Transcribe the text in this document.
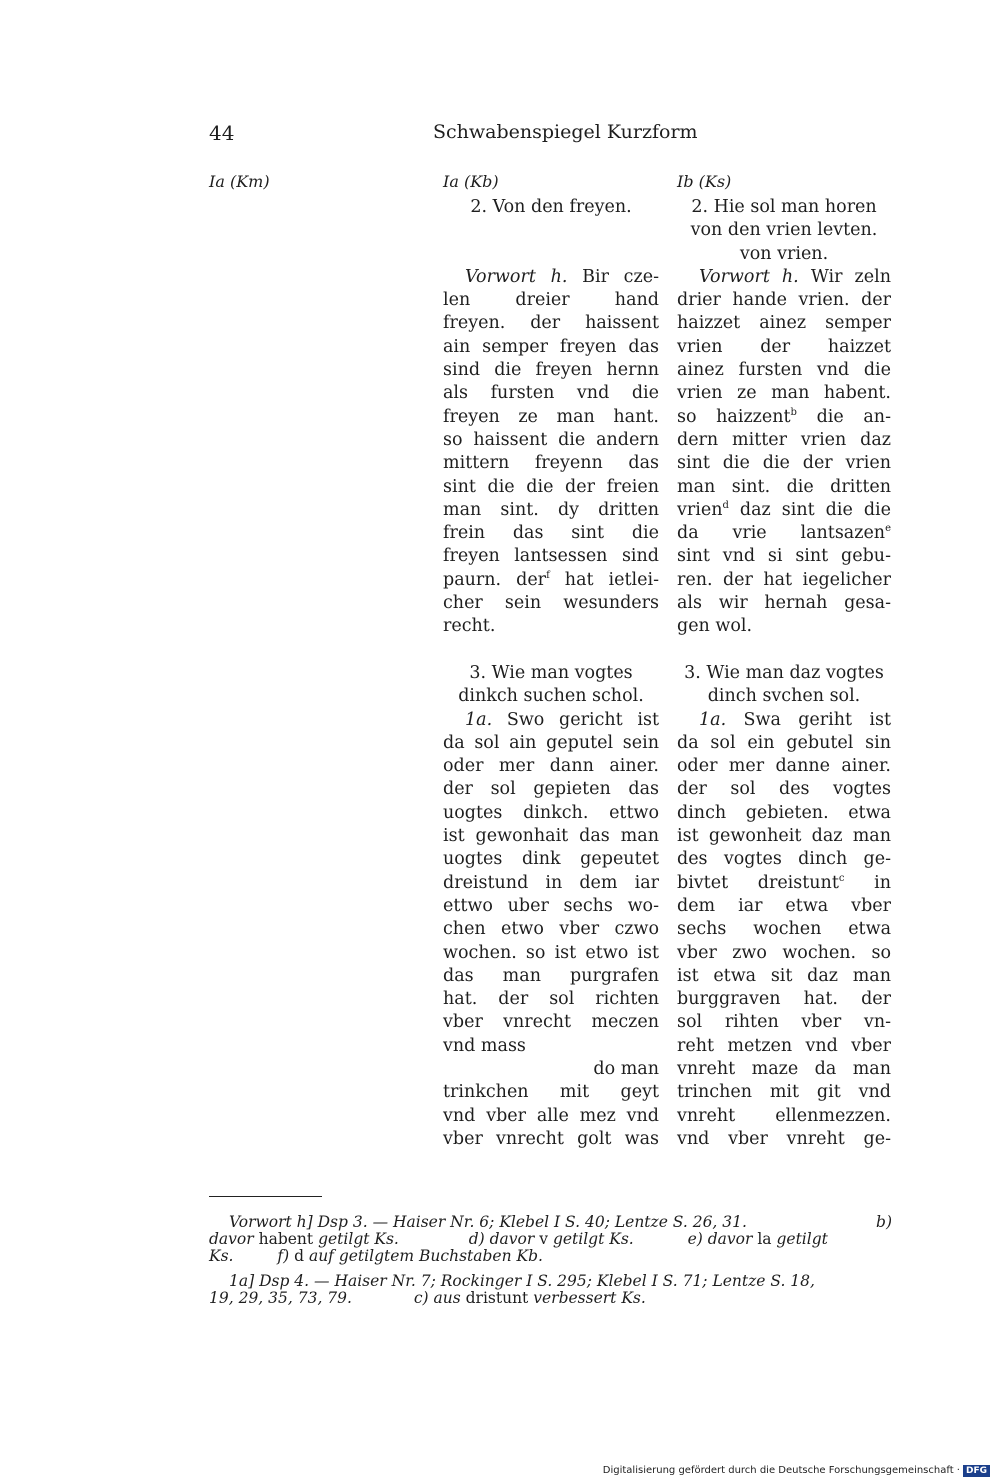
44	Schwabenspiegel Kurzform
Ia (Km)	Ia (Kb)	Ib (Ks)
2. Von den freyen.
Vorwort h. Bir cze-
len dreier hand
freyen. der haissent
ain semper freyen das
sind die freyen hernn
als fursten vnd die
freyen ze man hant.
so haissent die andern
mittern freyenn das
sint die die der freien
man sint. dy dritten
frein das sint die
freyen lantsessen sind
paurn. der$^f$ hat ietlei-
cher sein wesunders
recht.
3. Wie man vogtes
dinkch suchen schol.
1a. Swo gericht ist
da sol ain geputel sein
oder mer dann ainer.
der sol gepieten das
uogtes dinkch. ettwo
ist gewonhait das man
uogtes dink gepeutet
dreistund in dem iar
ettwo uber sechs wo-
chen etwo vber czwo
wochen. so ist etwo ist
das man purgrafen
hat. der sol richten
vber vnrecht meczen
vnd mass
do man
trinkchen mit geyt
vnd vber alle mez vnd
vber vnrecht golt was
2. Hie sol man horen
von den vrien levten.
von vrien.
Vorwort h. Wir zeln
drier hande vrien. der
haizzet ainez semper
vrien der haizzet
ainez fursten vnd die
vrien ze man habent.
so haizzent$^b$ die an-
dern mitter vrien daz
sint die die der vrien
man sint. die dritten
vrien$^d$ daz sint die die
da vrie lantsazen$^e$
sint vnd si sint gebu-
ren. der hat iegelicher
als wir hernah gesa-
gen wol.
3. Wie man daz vogtes
dinch svchen sol.
1a. Swa geriht ist
da sol ein gebutel sin
oder mer danne ainer.
der sol des vogtes
dinch gebieten. etwa
ist gewonheit daz man
des vogtes dinch ge-
bivtet dreistunt$^c$ in
dem iar etwa vber
sechs wochen etwa
vber zwo wochen. so
ist etwa sit daz man
burggraven hat. der
sol rihten vber vn-
reht metzen vnd vber
vnreht maze da man
trinchen mit git vnd
vnreht ellenmezzen.
vnd vber vnreht ge-
Vorwort h] Dsp 3. — Haiser Nr. 6; Klebel I S. 40; Lentze S. 26, 31.	b)
davor habent getilgt Ks.	d) davor v getilgt Ks.	e) davor la getilgt
Ks.	f) d auf getilgtem Buchstaben Kb.
1a] Dsp 4. — Haiser Nr. 7; Rockinger I S. 295; Klebel I S. 71; Lentze S. 18,
19, 29, 35, 73, 79.	c) aus dristunt verbessert Ks.
Digitalisierung gefördert durch die Deutsche Forschungsgemeinschaft · DFG
